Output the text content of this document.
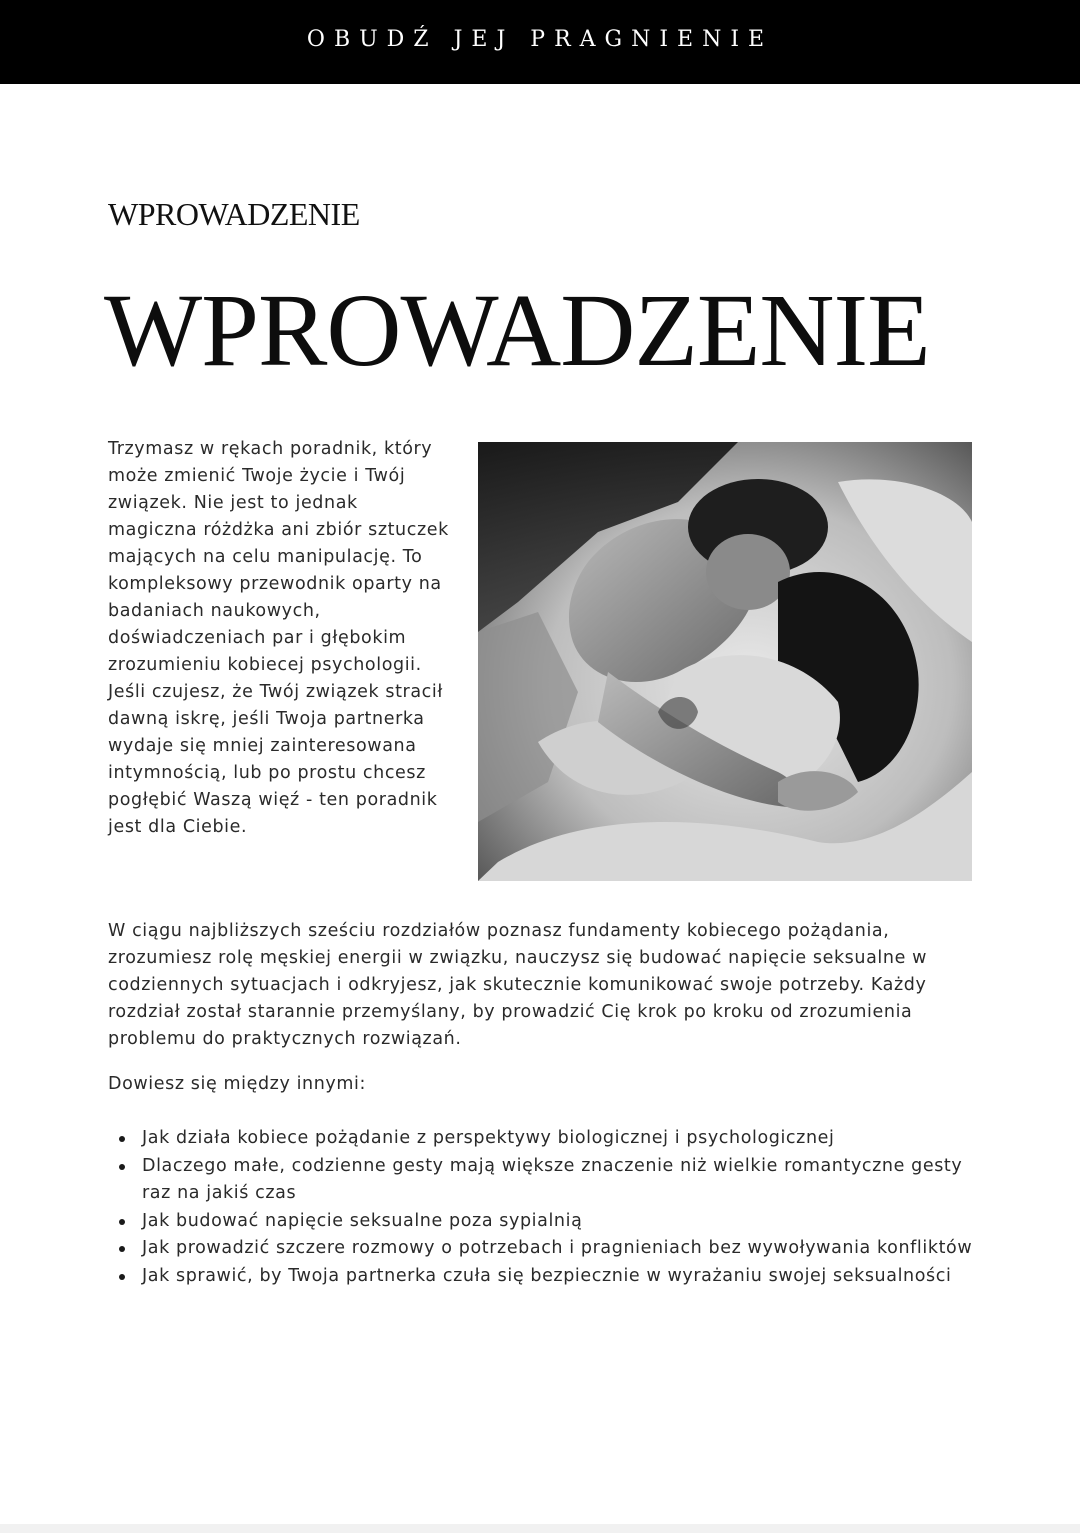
OBUDŹ JEJ PRAGNIENIE
WPROWADZENIE
WPROWADZENIE

Trzymasz w rękach poradnik, który może zmienić Twoje życie i Twój związek. Nie jest to jednak magiczna różdżka ani zbiór sztuczek mających na celu manipulację. To kompleksowy przewodnik oparty na badaniach naukowych, doświadczeniach par i głębokim zrozumieniu kobiecej psychologii. Jeśli czujesz, że Twój związek stracił dawną iskrę, jeśli Twoja partnerka wydaje się mniej zainteresowana intymnością, lub po prostu chcesz pogłębić Waszą więź - ten poradnik jest dla Ciebie.

W ciągu najbliższych sześciu rozdziałów poznasz fundamenty kobiecego pożądania, zrozumiesz rolę męskiej energii w związku, nauczysz się budować napięcie seksualne w codziennych sytuacjach i odkryjesz, jak skutecznie komunikować swoje potrzeby. Każdy rozdział został starannie przemyślany, by prowadzić Cię krok po kroku od zrozumienia problemu do praktycznych rozwiązań.

Dowiesz się między innymi:

Jak działa kobiece pożądanie z perspektywy biologicznej i psychologicznej
Dlaczego małe, codzienne gesty mają większe znaczenie niż wielkie romantyczne gesty raz na jakiś czas
Jak budować napięcie seksualne poza sypialnią
Jak prowadzić szczere rozmowy o potrzebach i pragnieniach bez wywoływania konfliktów
Jak sprawić, by Twoja partnerka czuła się bezpiecznie w wyrażaniu swojej seksualności
